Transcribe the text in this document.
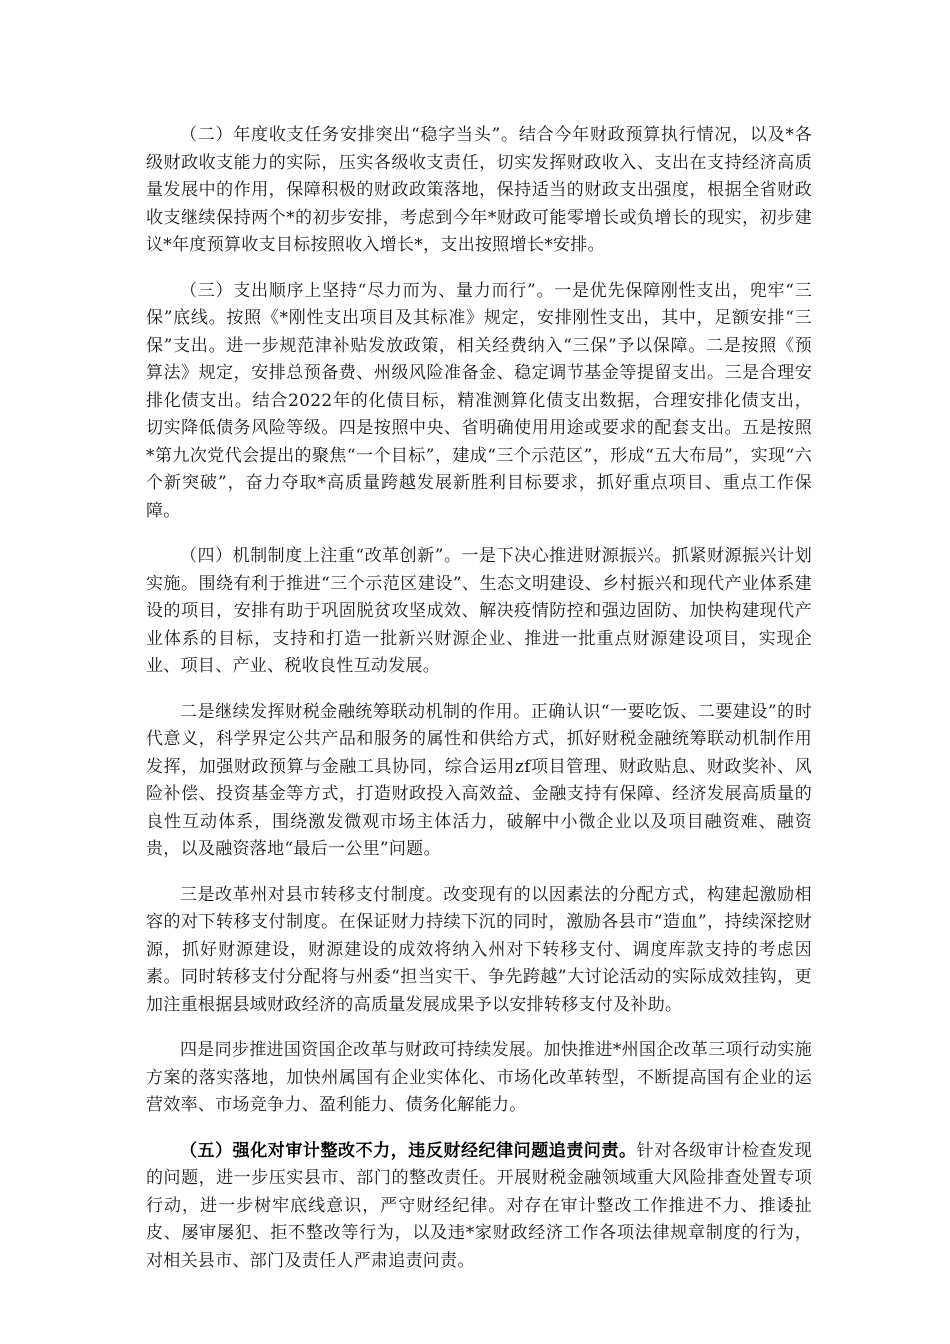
（二）年度收支任务安排突出“稳字当头”。结合今年财政预算执行情况，以及*各级财政收支能力的实际，压实各级收支责任，切实发挥财政收入、支出在支持经济高质量发展中的作用，保障积极的财政政策落地，保持适当的财政支出强度，根据全省财政收支继续保持两个*的初步安排，考虑到今年*财政可能零增长或负增长的现实，初步建议*年度预算收支目标按照收入增长*，支出按照增长*安排。

（三）支出顺序上坚持“尽力而为、量力而行”。一是优先保障刚性支出，兜牢“三保”底线。按照《*刚性支出项目及其标准》规定，安排刚性支出，其中，足额安排“三保”支出。进一步规范津补贴发放政策，相关经费纳入“三保”予以保障。二是按照《预算法》规定，安排总预备费、州级风险准备金、稳定调节基金等提留支出。三是合理安排化债支出。结合2022年的化债目标，精准测算化债支出数据，合理安排化债支出，切实降低债务风险等级。四是按照中央、省明确使用用途或要求的配套支出。五是按照*第九次党代会提出的聚焦“一个目标”，建成“三个示范区”，形成“五大布局”，实现“六个新突破”，奋力夺取*高质量跨越发展新胜利目标要求，抓好重点项目、重点工作保障。

（四）机制制度上注重“改革创新”。一是下决心推进财源振兴。抓紧财源振兴计划实施。围绕有利于推进“三个示范区建设”、生态文明建设、乡村振兴和现代产业体系建设的项目，安排有助于巩固脱贫攻坚成效、解决疫情防控和强边固防、加快构建现代产业体系的目标，支持和打造一批新兴财源企业、推进一批重点财源建设项目，实现企业、项目、产业、税收良性互动发展。

二是继续发挥财税金融统筹联动机制的作用。正确认识“一要吃饭、二要建设”的时代意义，科学界定公共产品和服务的属性和供给方式，抓好财税金融统筹联动机制作用发挥，加强财政预算与金融工具协同，综合运用zf项目管理、财政贴息、财政奖补、风险补偿、投资基金等方式，打造财政投入高效益、金融支持有保障、经济发展高质量的良性互动体系，围绕激发微观市场主体活力，破解中小微企业以及项目融资难、融资贵，以及融资落地“最后一公里”问题。

三是改革州对县市转移支付制度。改变现有的以因素法的分配方式，构建起激励相容的对下转移支付制度。在保证财力持续下沉的同时，激励各县市“造血”，持续深挖财源，抓好财源建设，财源建设的成效将纳入州对下转移支付、调度库款支持的考虑因素。同时转移支付分配将与州委“担当实干、争先跨越”大讨论活动的实际成效挂钩，更加注重根据县域财政经济的高质量发展成果予以安排转移支付及补助。

四是同步推进国资国企改革与财政可持续发展。加快推进*州国企改革三项行动实施方案的落实落地，加快州属国有企业实体化、市场化改革转型，不断提高国有企业的运营效率、市场竞争力、盈利能力、债务化解能力。

（五）强化对审计整改不力，违反财经纪律问题追责问责。针对各级审计检查发现的问题，进一步压实县市、部门的整改责任。开展财税金融领域重大风险排查处置专项行动，进一步树牢底线意识，严守财经纪律。对存在审计整改工作推进不力、推诿扯皮、屡审屡犯、拒不整改等行为，以及违*家财政经济工作各项法律规章制度的行为，对相关县市、部门及责任人严肃追责问责。
